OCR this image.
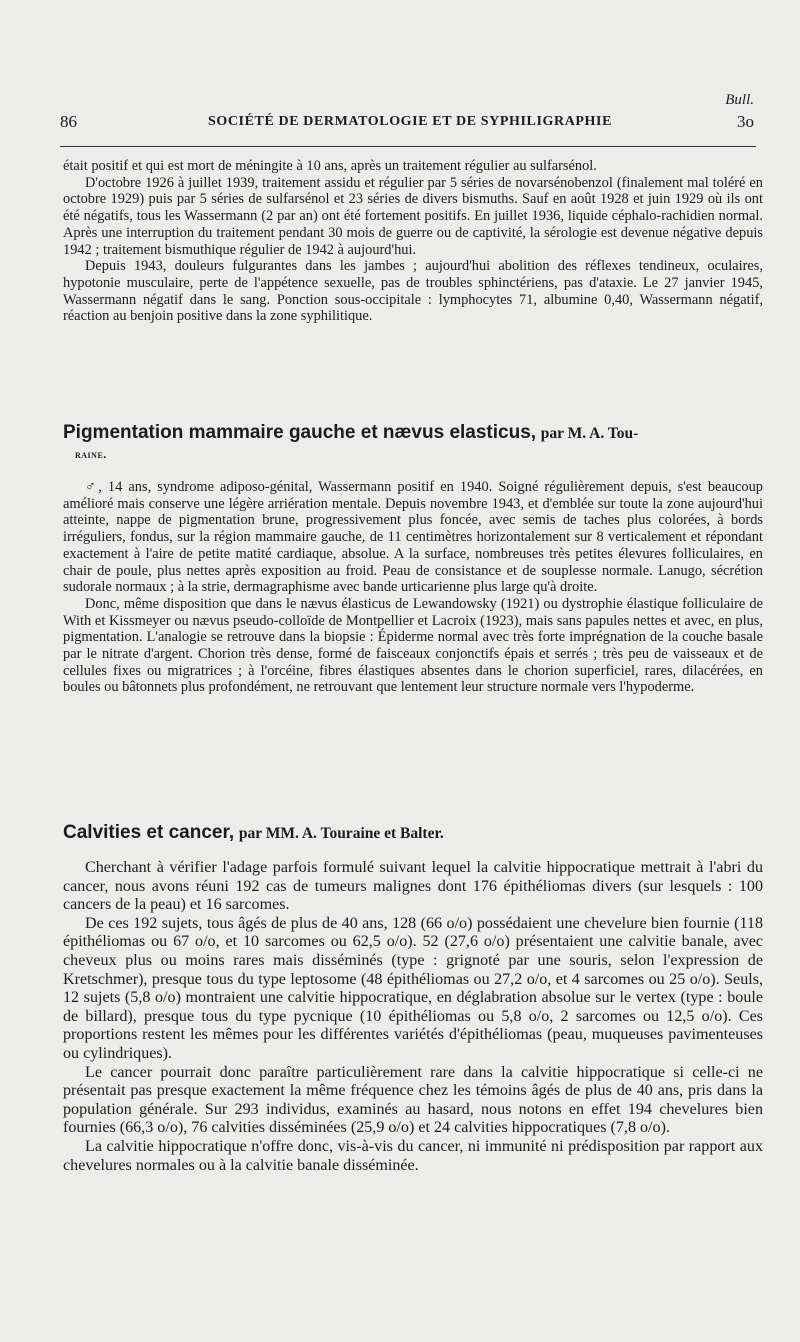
Bull.
86	SOCIÉTÉ DE DERMATOLOGIE ET DE SYPHILIGRAPHIE	3o

était positif et qui est mort de méningite à 10 ans, après un traitement régulier au sulfarsénol.

D'octobre 1926 à juillet 1939, traitement assidu et régulier par 5 séries de novarsénobenzol (finalement mal toléré en octobre 1929) puis par 5 séries de sulfarsénol et 23 séries de divers bismuths. Sauf en août 1928 et juin 1929 où ils ont été négatifs, tous les Wassermann (2 par an) ont été fortement positifs. En juillet 1936, liquide céphalo-rachidien normal. Après une interruption du traitement pendant 30 mois de guerre ou de captivité, la sérologie est devenue négative depuis 1942 ; traitement bismuthique régulier de 1942 à aujourd'hui.

Depuis 1943, douleurs fulgurantes dans les jambes ; aujourd'hui abolition des réflexes tendineux, oculaires, hypotonie musculaire, perte de l'appétence sexuelle, pas de troubles sphinctériens, pas d'ataxie. Le 27 janvier 1945, Wassermann négatif dans le sang. Ponction sous-occipitale : lymphocytes 71, albumine 0,40, Wassermann négatif, réaction au benjoin positive dans la zone syphilitique.

Pigmentation mammaire gauche et nævus elasticus, par M. A. Tou-
raine.

♂, 14 ans, syndrome adiposo-génital, Wassermann positif en 1940. Soigné régulièrement depuis, s'est beaucoup amélioré mais conserve une légère arriération mentale. Depuis novembre 1943, et d'emblée sur toute la zone aujourd'hui atteinte, nappe de pigmentation brune, progressivement plus foncée, avec semis de taches plus colorées, à bords irréguliers, fondus, sur la région mammaire gauche, de 11 centimètres horizontalement sur 8 verticalement et répondant exactement à l'aire de petite matité cardiaque, absolue. A la surface, nombreuses très petites élevures folliculaires, en chair de poule, plus nettes après exposition au froid. Peau de consistance et de souplesse normale. Lanugo, sécrétion sudorale normaux ; à la strie, dermagraphisme avec bande urticarienne plus large qu'à droite.

Donc, même disposition que dans le nævus élasticus de Lewandowsky (1921) ou dystrophie élastique folliculaire de With et Kissmeyer ou nævus pseudo-colloïde de Montpellier et Lacroix (1923), mais sans papules nettes et avec, en plus, pigmentation. L'analogie se retrouve dans la biopsie : Épiderme normal avec très forte imprégnation de la couche basale par le nitrate d'argent. Chorion très dense, formé de faisceaux conjonctifs épais et serrés ; très peu de vaisseaux et de cellules fixes ou migratrices ; à l'orcéine, fibres élastiques absentes dans le chorion superficiel, rares, dilacérées, en boules ou bâtonnets plus profondément, ne retrouvant que lentement leur structure normale vers l'hypoderme.

Calvities et cancer, par MM. A. Touraine et Balter.

Cherchant à vérifier l'adage parfois formulé suivant lequel la calvitie hippocratique mettrait à l'abri du cancer, nous avons réuni 192 cas de tumeurs malignes dont 176 épithéliomas divers (sur lesquels : 100 cancers de la peau) et 16 sarcomes.

De ces 192 sujets, tous âgés de plus de 40 ans, 128 (66 o/o) possédaient une chevelure bien fournie (118 épithéliomas ou 67 o/o, et 10 sarcomes ou 62,5 o/o). 52 (27,6 o/o) présentaient une calvitie banale, avec cheveux plus ou moins rares mais disséminés (type : grignoté par une souris, selon l'expression de Kretschmer), presque tous du type leptosome (48 épithéliomas ou 27,2 o/o, et 4 sarcomes ou 25 o/o). Seuls, 12 sujets (5,8 o/o) montraient une calvitie hippocratique, en déglabration absolue sur le vertex (type : boule de billard), presque tous du type pycnique (10 épithéliomas ou 5,8 o/o, 2 sarcomes ou 12,5 o/o). Ces proportions restent les mêmes pour les différentes variétés d'épithéliomas (peau, muqueuses pavimenteuses ou cylindriques).

Le cancer pourrait donc paraître particulièrement rare dans la calvitie hippocratique si celle-ci ne présentait pas presque exactement la même fréquence chez les témoins âgés de plus de 40 ans, pris dans la population générale. Sur 293 individus, examinés au hasard, nous notons en effet 194 chevelures bien fournies (66,3 o/o), 76 calvities disséminées (25,9 o/o) et 24 calvities hippocratiques (7,8 o/o).

La calvitie hippocratique n'offre donc, vis-à-vis du cancer, ni immunité ni prédisposition par rapport aux chevelures normales ou à la calvitie banale disséminée.
